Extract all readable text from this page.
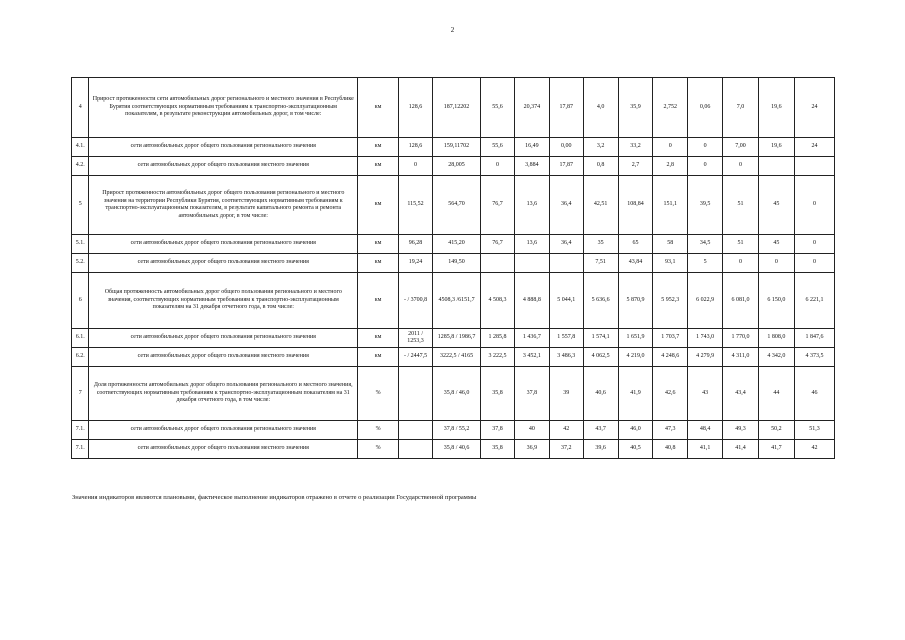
2
4	Прирост протяженности сети автомобильных дорог регионального и местного значения в Республике Бурятия соответствующих нормативным требованиям к транспортно-эксплуатационным показателям, в результате реконструкции автомобильных дорог, в том числе:	км	128,6	187,12202	55,6	20,374	17,87	4,0	35,9	2,752	0,06	7,0	19,6	24
4.1.	сети автомобильных дорог общего пользования регионального значения	км	128,6	159,11702	55,6	16,49	0,00	3,2	33,2	0	0	7,00	19,6	24
4.2.	сети автомобильных дорог общего пользования местного значения	км	0	28,005	0	3,884	17,87	0,8	2,7	2,8	0	0		
5	Прирост протяженности автомобильных дорог общего пользования регионального и местного значения на территории Республики Бурятия, соответствующих нормативным требованиям к транспортно-эксплуатационным показателям, в результате капитального ремонта и ремонта автомобильных дорог, в том числе:	км	115,52	564,70	76,7	13,6	36,4	42,51	108,84	151,1	39,5	51	45	0
5.1.	сети автомобильных дорог общего пользования регионального значения	км	96,28	415,20	76,7	13,6	36,4	35	65	58	34,5	51	45	0
5.2.	сети автомобильных дорог общего пользования местного значения	км	19,24	149,50				7,51	43,84	93,1	5	0	0	0
6	Общая протяженность автомобильных дорог общего пользования регионального и местного значения, соответствующих нормативным требованиям к транспортно-эксплуатационным показателям на 31 декабря отчетного года, в том числе:	км	- / 3700,8	4508,3 /6151,7	4 508,3	4 888,8	5 044,1	5 636,6	5 870,9	5 952,3	6 022,9	6 081,0	6 150,0	6 221,1
6.1.	сети автомобильных дорог общего пользования регионального значения	км	2011 / 1253,3	1285,8 / 1986,7	1 285,8	1 436,7	1 557,8	1 574,1	1 651,9	1 703,7	1 743,0	1 770,0	1 808,0	1 847,6
6.2.	сети автомобильных дорог общего пользования местного значения	км	- / 2447,5	3222,5 / 4165	3 222,5	3 452,1	3 486,3	4 062,5	4 219,0	4 248,6	4 279,9	4 311,0	4 342,0	4 373,5
7	Доля протяженности автомобильных дорог общего пользования регионального и местного значения, соответствующих нормативным требованиям к транспортно-эксплуатационным показателям на 31 декабря отчетного года, в том числе:	%		35,8 / 46,0	35,8	37,8	39	40,6	41,9	42,6	43	43,4	44	46
7.1.	сети автомобильных дорог общего пользования регионального значения	%		37,8 / 55,2	37,8	40	42	43,7	46,0	47,3	48,4	49,3	50,2	51,3
7.1.	сети автомобильных дорог общего пользования местного значения	%		35,8 / 40,6	35,8	36,9	37,2	39,6	40,5	40,8	41,1	41,4	41,7	42
Значения индикаторов являются плановыми, фактическое выполнение индикаторов отражено в отчете о реализации Государственной программы
